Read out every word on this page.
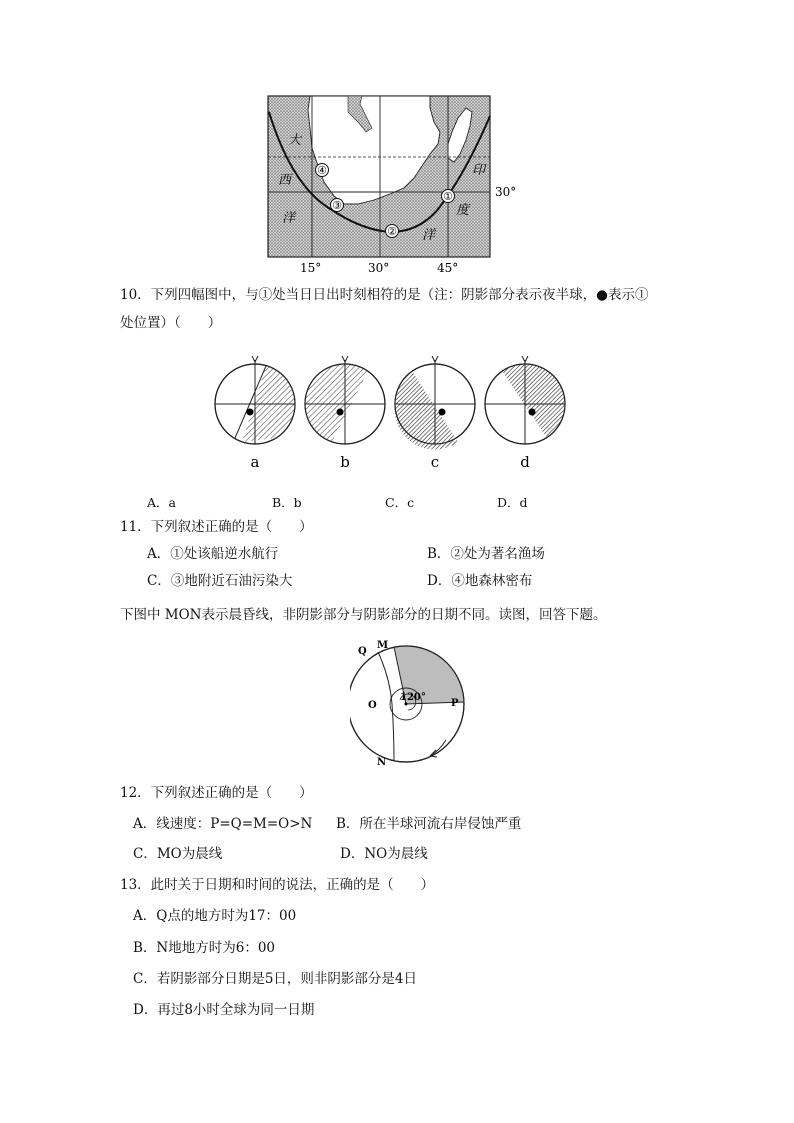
④
③
②
①
大
西
洋
印
度
洋
30°
15°	30°	45°
10．下列四幅图中，与①处当日日出时刻相符的是（注：阴影部分表示夜半球，●表示①
处位置）（　　）
a	b	c	d
A．a	B．b	C．c	D．d
11．下列叙述正确的是（　　）
A．①处该船逆水航行	B．②处为著名渔场
C．③地附近石油污染大	D．④地森林密布
下图中 MON表示晨昏线，非阴影部分与阴影部分的日期不同。读图，回答下题。
Q
M
O	P
N
120°
12．下列叙述正确的是（　　）
A．线速度：P=Q=M=O>N B．所在半球河流右岸侵蚀严重
C．MO为晨线	D．NO为晨线
13．此时关于日期和时间的说法，正确的是（　　）
A．Q点的地方时为17：00
B．N地地方时为6：00
C．若阴影部分日期是5日，则非阴影部分是4日
D．再过8小时全球为同一日期
